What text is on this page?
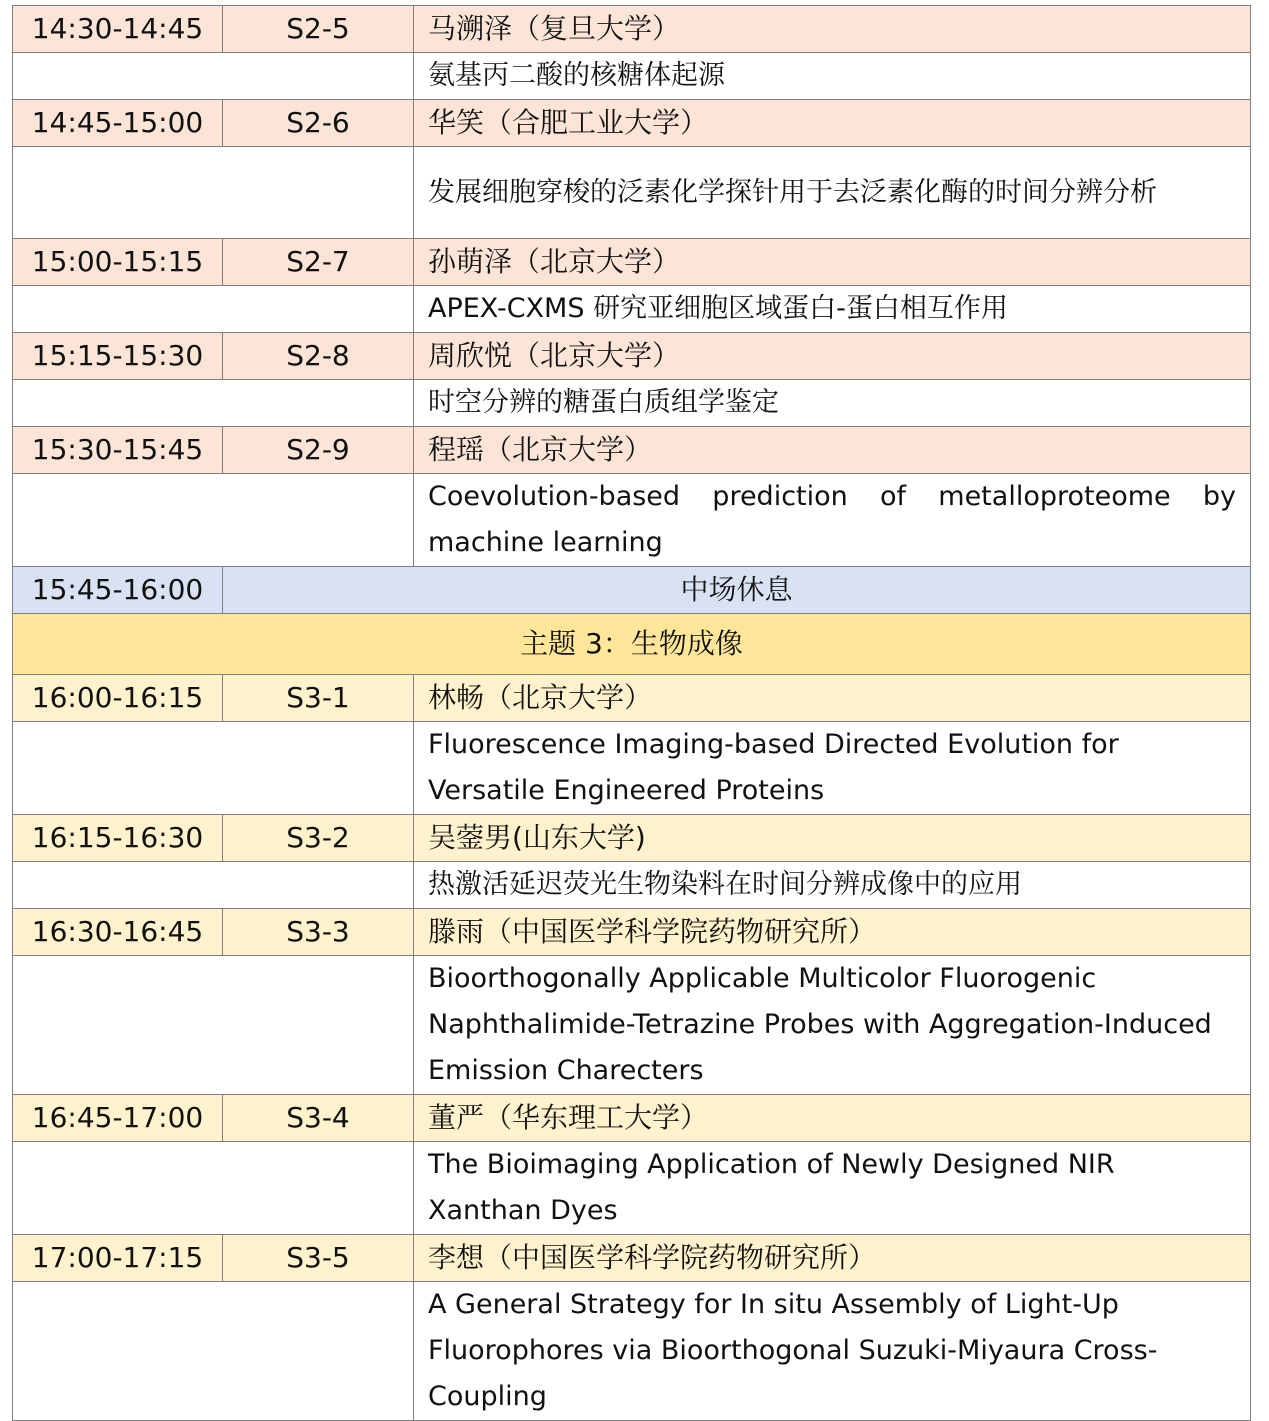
14:30-14:45	S2-5	马溯泽（复旦大学）
		氨基丙二酸的核糖体起源
14:45-15:00	S2-6	华笑（合肥工业大学）
		发展细胞穿梭的泛素化学探针用于去泛素化酶的时间分辨分析
15:00-15:15	S2-7	孙萌泽（北京大学）
		APEX-CXMS 研究亚细胞区域蛋白-蛋白相互作用
15:15-15:30	S2-8	周欣悦（北京大学）
		时空分辨的糖蛋白质组学鉴定
15:30-15:45	S2-9	程瑶（北京大学）
		Coevolution-based prediction of metalloproteome by machine learning
15:45-16:00	中场休息	
主题 3：生物成像		
16:00-16:15	S3-1	林畅（北京大学）
		Fluorescence Imaging-based Directed Evolution for Versatile Engineered Proteins
16:15-16:30	S3-2	吴蓥男(山东大学)
		热激活延迟荧光生物染料在时间分辨成像中的应用
16:30-16:45	S3-3	滕雨（中国医学科学院药物研究所）
		Bioorthogonally Applicable Multicolor Fluorogenic Naphthalimide-Tetrazine Probes with Aggregation-Induced Emission Charecters
16:45-17:00	S3-4	董严（华东理工大学）
		The Bioimaging Application of Newly Designed NIR Xanthan Dyes
17:00-17:15	S3-5	李想（中国医学科学院药物研究所）
		A General Strategy for In situ Assembly of Light-Up Fluorophores via Bioorthogonal Suzuki-Miyaura Cross-Coupling
